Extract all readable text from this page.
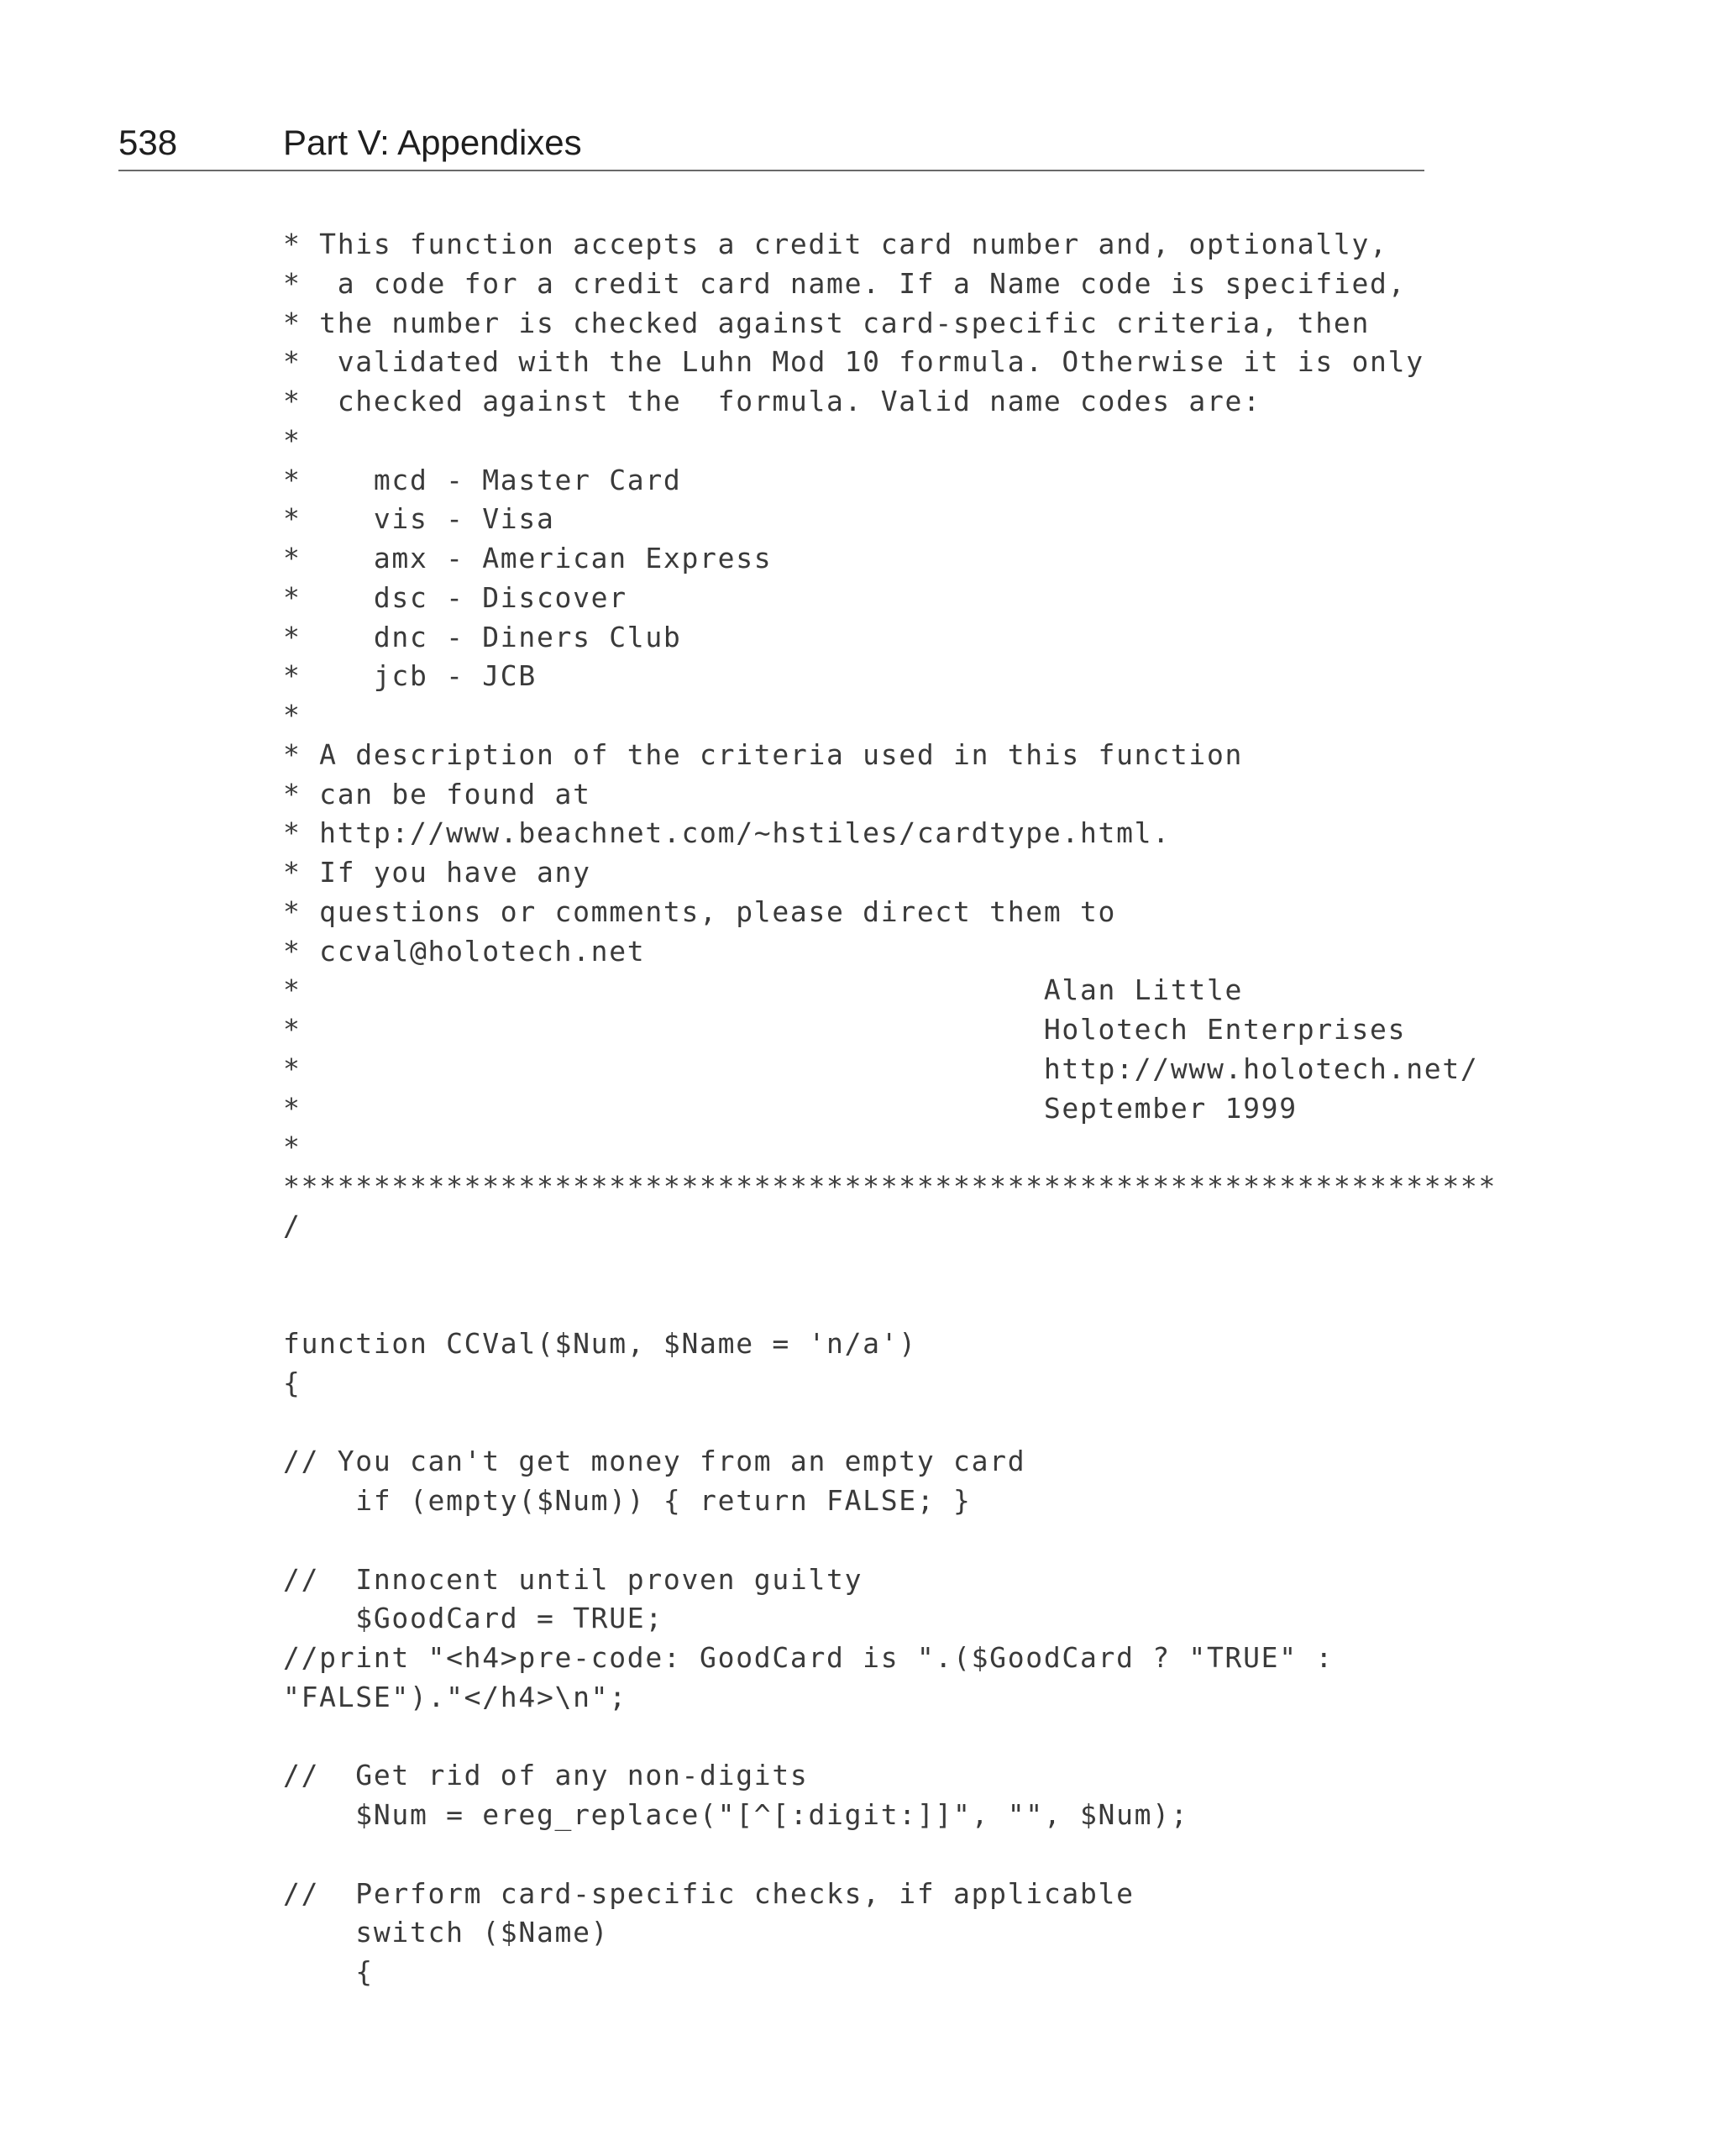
538	Part V: Appendixes
* This function accepts a credit card number and, optionally,
*  a code for a credit card name. If a Name code is specified,
* the number is checked against card-specific criteria, then
*  validated with the Luhn Mod 10 formula. Otherwise it is only
*  checked against the  formula. Valid name codes are:
*
*    mcd - Master Card
*    vis - Visa
*    amx - American Express
*    dsc - Discover
*    dnc - Diners Club
*    jcb - JCB
*
* A description of the criteria used in this function
* can be found at
* http://www.beachnet.com/~hstiles/cardtype.html.
* If you have any
* questions or comments, please direct them to
* ccval@holotech.net
*                                         Alan Little
*                                         Holotech Enterprises
*                                         http://www.holotech.net/
*                                         September 1999
*
*******************************************************************
/
function CCVal($Num, $Name = 'n/a')
{
// You can't get money from an empty card
if (empty($Num)) { return FALSE; }
//  Innocent until proven guilty
$GoodCard = TRUE;
//print "<h4>pre-code: GoodCard is ".($GoodCard ? "TRUE" :
"FALSE")."</h4>\n";
//  Get rid of any non-digits
$Num = ereg_replace("[^[:digit:]]", "", $Num);
//  Perform card-specific checks, if applicable
switch ($Name)
{
